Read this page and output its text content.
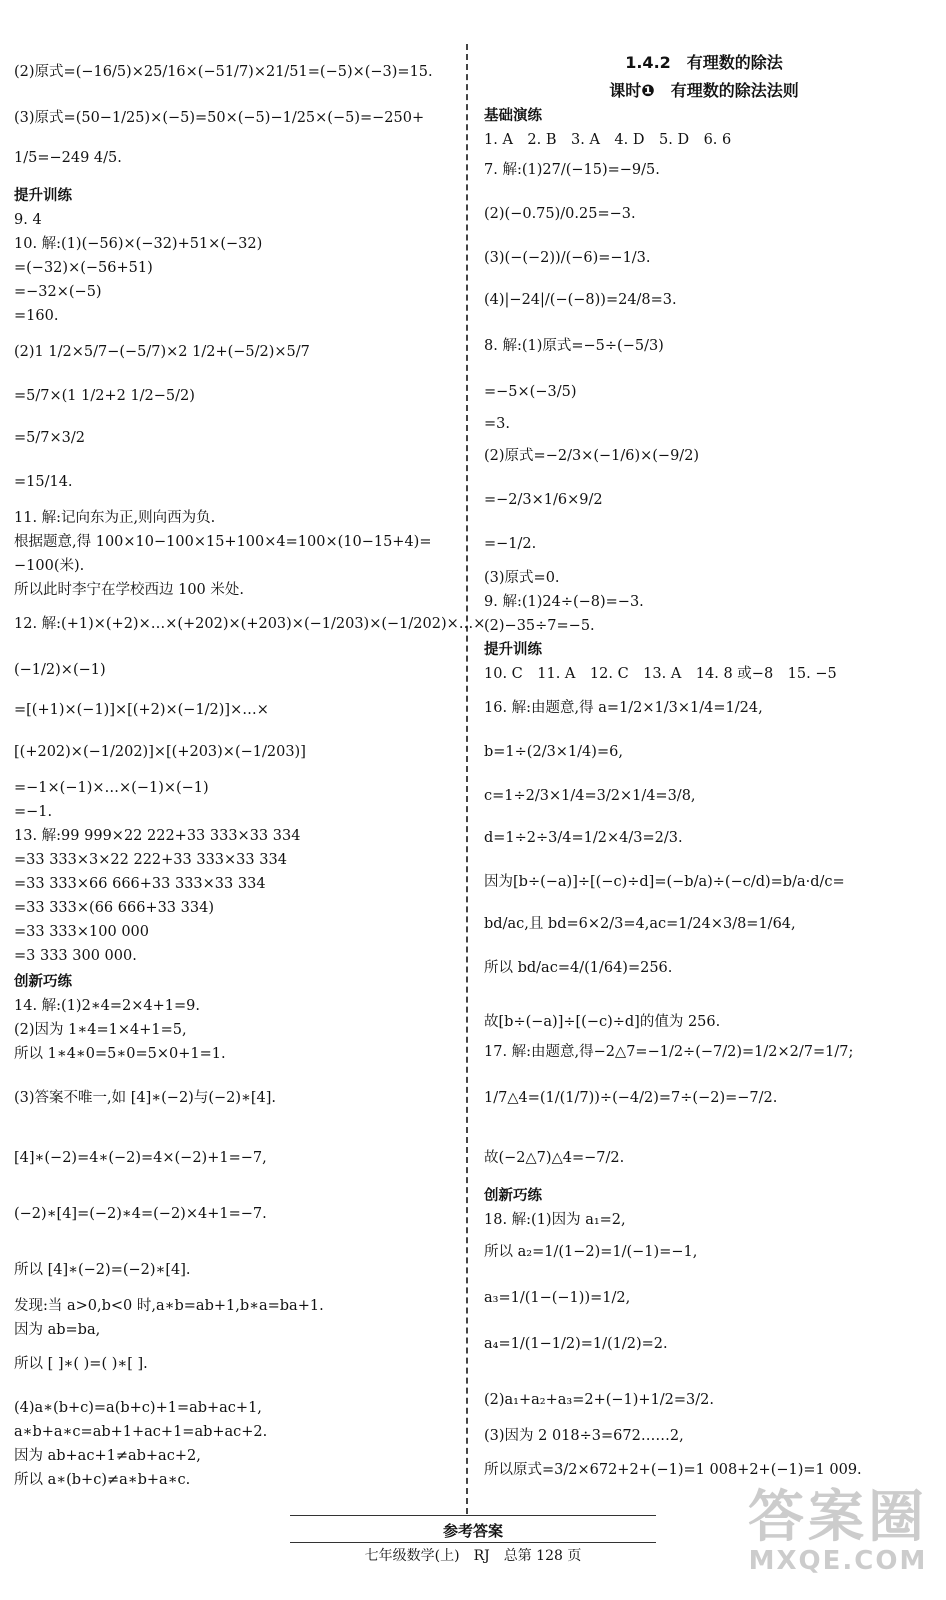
(2)原式=(−16/5)×25/16×(−51/7)×21/51=(−5)×(−3)=15.
(3)原式=(50−1/25)×(−5)=50×(−5)−1/25×(−5)=−250+
1/5=−249 4/5.
提升训练
9. 4
10. 解:(1)(−56)×(−32)+51×(−32)
=(−32)×(−56+51)
=−32×(−5)
=160.
(2)1 1/2×5/7−(−5/7)×2 1/2+(−5/2)×5/7
=5/7×(1 1/2+2 1/2−5/2)
=5/7×3/2
=15/14.
11. 解:记向东为正,则向西为负.
根据题意,得 100×10−100×15+100×4=100×(10−15+4)=
−100(米).
所以此时李宁在学校西边 100 米处.
12. 解:(+1)×(+2)×…×(+202)×(+203)×(−1/203)×(−1/202)×…×
(−1/2)×(−1)
=[(+1)×(−1)]×[(+2)×(−1/2)]×…×
[(+202)×(−1/202)]×[(+203)×(−1/203)]
=−1×(−1)×…×(−1)×(−1)
=−1.
13. 解:99 999×22 222+33 333×33 334
=33 333×3×22 222+33 333×33 334
=33 333×66 666+33 333×33 334
=33 333×(66 666+33 334)
=33 333×100 000
=3 333 300 000.
创新巧练
14. 解:(1)2∗4=2×4+1=9.
(2)因为 1∗4=1×4+1=5,
所以 1∗4∗0=5∗0=5×0+1=1.
(3)答案不唯一,如 [4]∗(−2)与(−2)∗[4].
[4]∗(−2)=4∗(−2)=4×(−2)+1=−7,
(−2)∗[4]=(−2)∗4=(−2)×4+1=−7.
所以 [4]∗(−2)=(−2)∗[4].
发现:当 a>0,b<0 时,a∗b=ab+1,b∗a=ba+1.
因为 ab=ba,
所以 [ ]∗( )=( )∗[ ].
(4)a∗(b+c)=a(b+c)+1=ab+ac+1,
a∗b+a∗c=ab+1+ac+1=ab+ac+2.
因为 ab+ac+1≠ab+ac+2,
所以 a∗(b+c)≠a∗b+a∗c.
1.4.2　有理数的除法
课时❶　有理数的除法法则
基础演练
1. A　2. B　3. A　4. D　5. D　6. 6
7. 解:(1)27/(−15)=−9/5.
(2)(−0.75)/0.25=−3.
(3)(−(−2))/(−6)=−1/3.
(4)|−24|/(−(−8))=24/8=3.
8. 解:(1)原式=−5÷(−5/3)
=−5×(−3/5)
=3.
(2)原式=−2/3×(−1/6)×(−9/2)
=−2/3×1/6×9/2
=−1/2.
(3)原式=0.
9. 解:(1)24÷(−8)=−3.
(2)−35÷7=−5.
提升训练
10. C　11. A　12. C　13. A　14. 8 或−8　15. −5
16. 解:由题意,得 a=1/2×1/3×1/4=1/24,
b=1÷(2/3×1/4)=6,
c=1÷2/3×1/4=3/2×1/4=3/8,
d=1÷2÷3/4=1/2×4/3=2/3.
因为[b÷(−a)]÷[(−c)÷d]=(−b/a)÷(−c/d)=b/a·d/c=
bd/ac,且 bd=6×2/3=4,ac=1/24×3/8=1/64,
所以 bd/ac=4/(1/64)=256.
故[b÷(−a)]÷[(−c)÷d]的值为 256.
17. 解:由题意,得−2△7=−1/2÷(−7/2)=1/2×2/7=1/7;
1/7△4=(1/(1/7))÷(−4/2)=7÷(−2)=−7/2.
故(−2△7)△4=−7/2.
创新巧练
18. 解:(1)因为 a₁=2,
所以 a₂=1/(1−2)=1/(−1)=−1,
a₃=1/(1−(−1))=1/2,
a₄=1/(1−1/2)=1/(1/2)=2.
(2)a₁+a₂+a₃=2+(−1)+1/2=3/2.
(3)因为 2 018÷3=672……2,
所以原式=3/2×672+2+(−1)=1 008+2+(−1)=1 009.
参考答案
七年级数学(上)　RJ　总第 128 页
答案圈
MXQE.COM
